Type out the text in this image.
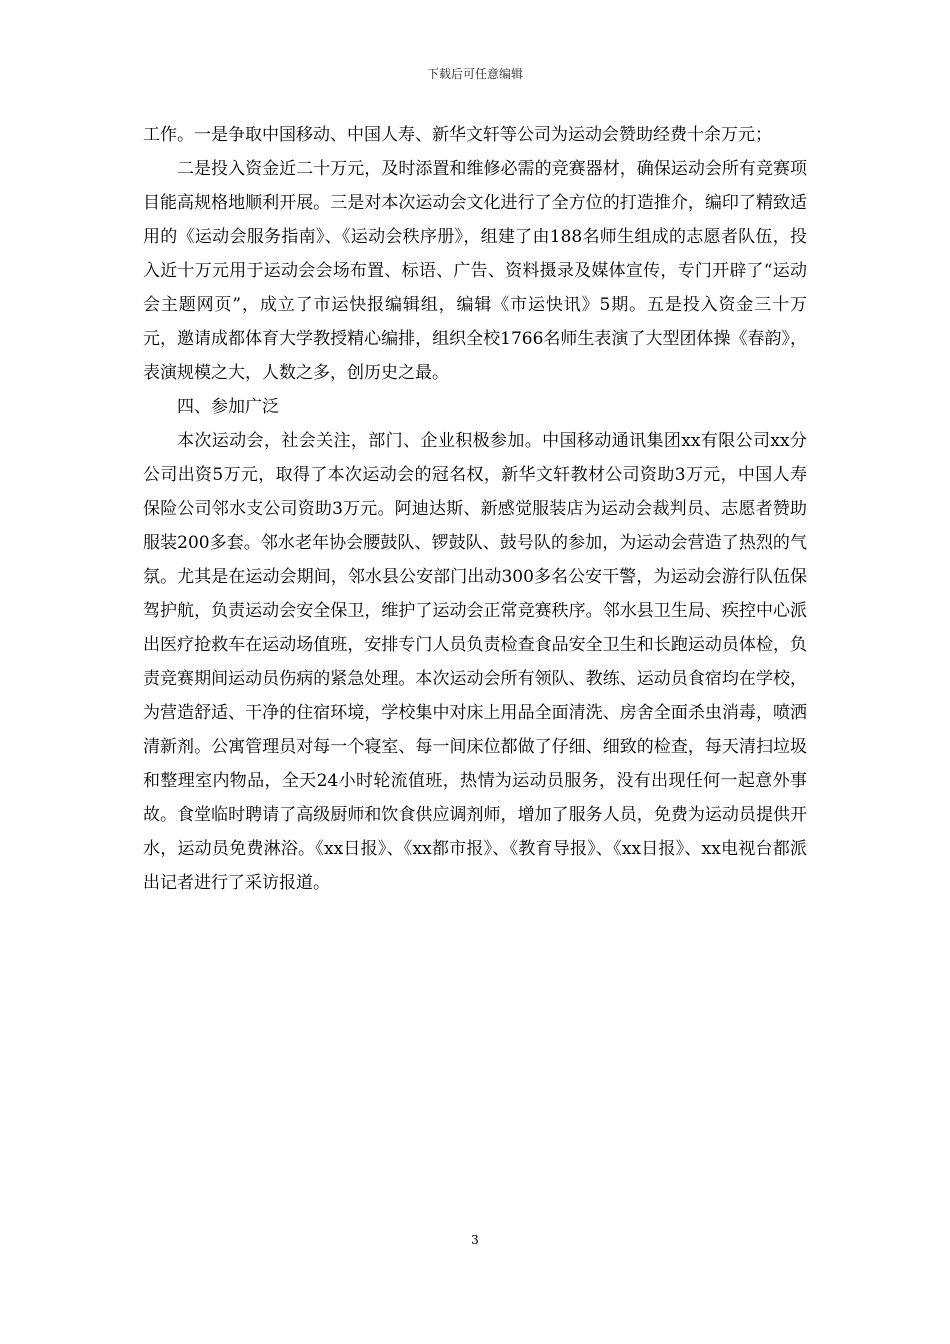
下载后可任意编辑

工作。一是争取中国移动、中国人寿、新华文轩等公司为运动会赞助经费十余万元；

二是投入资金近二十万元，及时添置和维修必需的竞赛器材，确保运动会所有竞赛项目能高规格地顺利开展。三是对本次运动会文化进行了全方位的打造推介，编印了精致适用的《运动会服务指南》、《运动会秩序册》，组建了由188名师生组成的志愿者队伍，投入近十万元用于运动会会场布置、标语、广告、资料摄录及媒体宣传，专门开辟了“运动会主题网页”，成立了市运快报编辑组，编辑《市运快讯》5期。五是投入资金三十万元，邀请成都体育大学教授精心编排，组织全校1766名师生表演了大型团体操《春韵》，表演规模之大，人数之多，创历史之最。

四、参加广泛

本次运动会，社会关注，部门、企业积极参加。中国移动通讯集团xx有限公司xx分公司出资5万元，取得了本次运动会的冠名权，新华文轩教材公司资助3万元，中国人寿保险公司邻水支公司资助3万元。阿迪达斯、新感觉服装店为运动会裁判员、志愿者赞助服装200多套。邻水老年协会腰鼓队、锣鼓队、鼓号队的参加，为运动会营造了热烈的气氛。尤其是在运动会期间，邻水县公安部门出动300多名公安干警，为运动会游行队伍保驾护航，负责运动会安全保卫，维护了运动会正常竞赛秩序。邻水县卫生局、疾控中心派出医疗抢救车在运动场值班，安排专门人员负责检查食品安全卫生和长跑运动员体检，负责竞赛期间运动员伤病的紧急处理。本次运动会所有领队、教练、运动员食宿均在学校，为营造舒适、干净的住宿环境，学校集中对床上用品全面清洗、房舍全面杀虫消毒，喷洒清新剂。公寓管理员对每一个寝室、每一间床位都做了仔细、细致的检查，每天清扫垃圾和整理室内物品，全天24小时轮流值班，热情为运动员服务，没有出现任何一起意外事故。食堂临时聘请了高级厨师和饮食供应调剂师，增加了服务人员，免费为运动员提供开水，运动员免费淋浴。《xx日报》、《xx都市报》、《教育导报》、《xx日报》、xx电视台都派出记者进行了采访报道。

3
